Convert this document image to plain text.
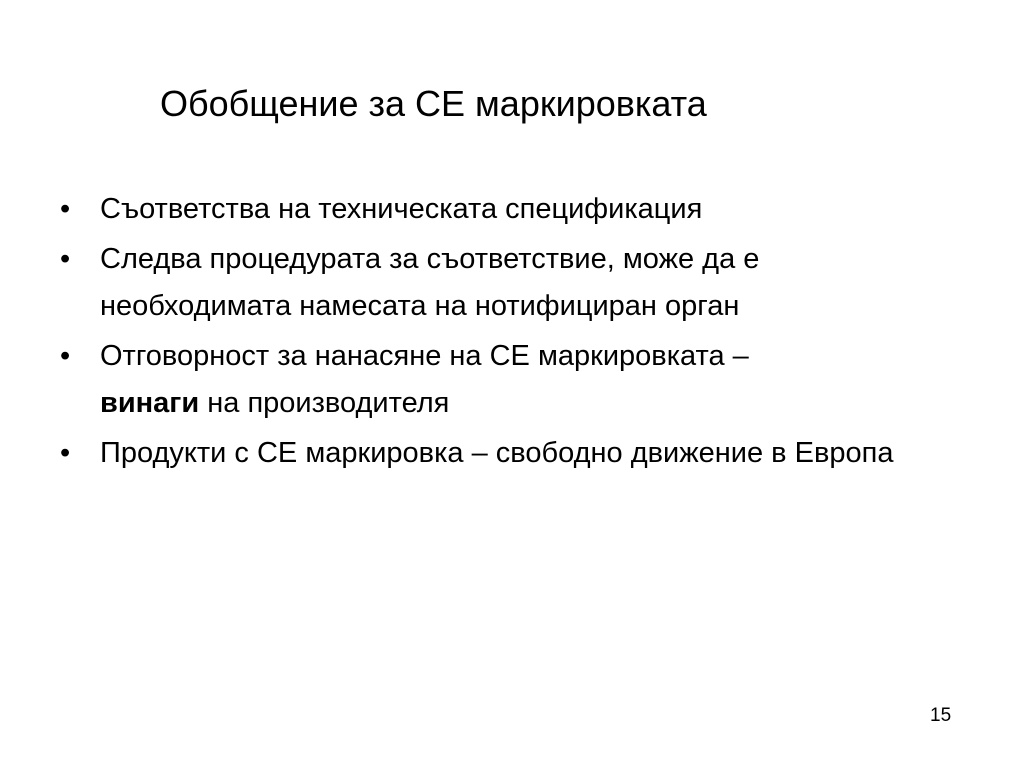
Обобщение за СЕ маркировката
•	Съответства на техническата спецификация
•	Следва процедурата за съответствие, може да е необходимата намесата на нотифициран орган
•	Отговорност за нанасяне на СЕ маркировката –
винаги на производителя
•	Продукти с СЕ маркировка – свободно движение в Европа
15
